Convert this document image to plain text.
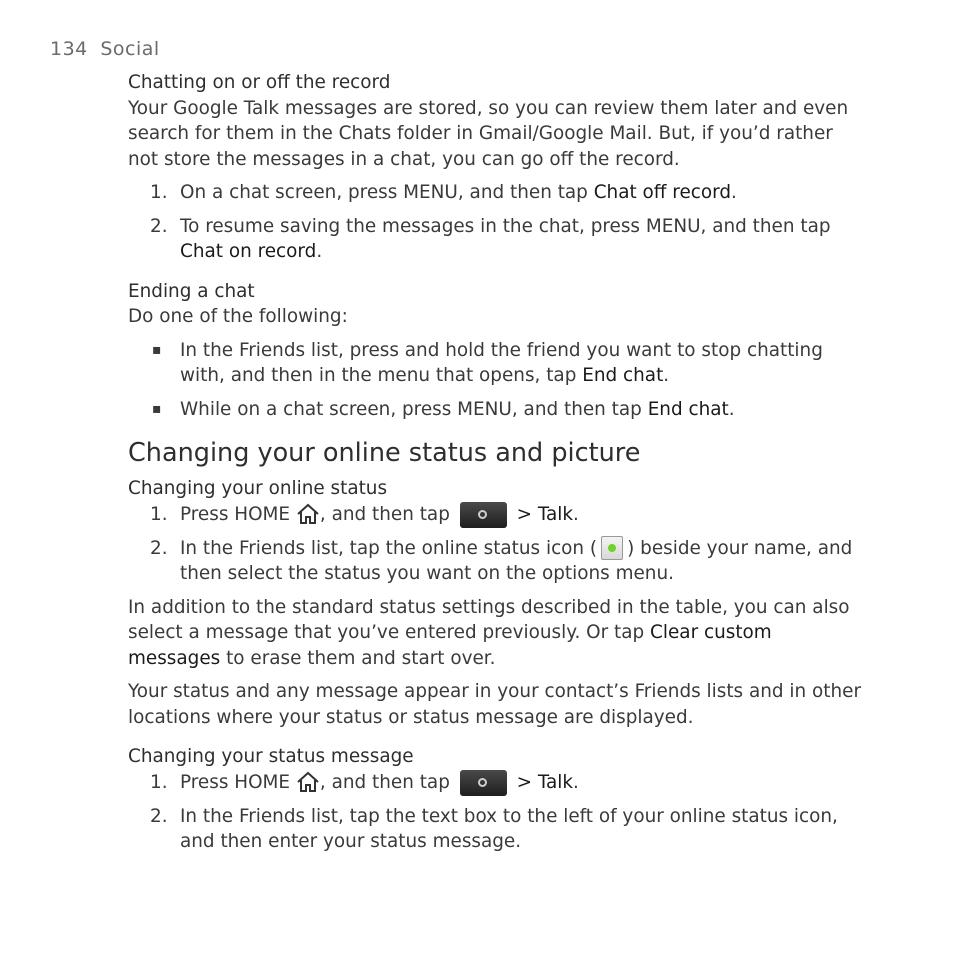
134 Social

Chatting on or off the record

Your Google Talk messages are stored, so you can review them later and even search for them in the Chats folder in Gmail/Google Mail. But, if you’d rather not store the messages in a chat, you can go off the record.

1. On a chat screen, press MENU, and then tap Chat off record.
2. To resume saving the messages in the chat, press MENU, and then tap Chat on record.

Ending a chat

Do one of the following:

▪ In the Friends list, press and hold the friend you want to stop chatting with, and then in the menu that opens, tap End chat.
▪ While on a chat screen, press MENU, and then tap End chat.
Changing your online status and picture

Changing your online status

1. Press HOME , and then tap	> Talk.
2. In the Friends list, tap the online status icon ( ) beside your name, and then select the status you want on the options menu.

In addition to the standard status settings described in the table, you can also select a message that you’ve entered previously. Or tap Clear custom messages to erase them and start over.

Your status and any message appear in your contact’s Friends lists and in other locations where your status or status message are displayed.

Changing your status message

1. Press HOME , and then tap	> Talk.
2. In the Friends list, tap the text box to the left of your online status icon, and then enter your status message.
